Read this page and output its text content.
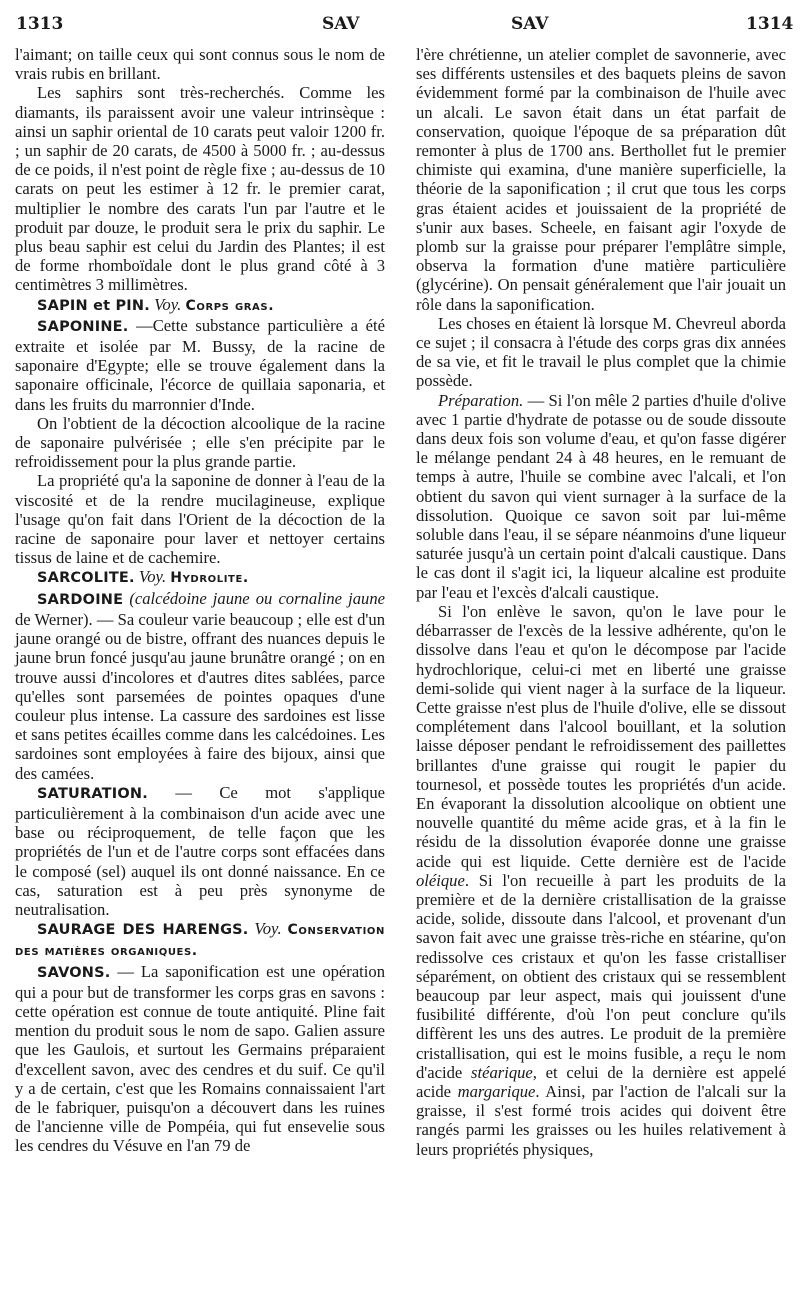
1313	SAV	SAV	1314

l'aimant; on taille ceux qui sont connus sous le nom de vrais rubis en brillant.

Les saphirs sont très-recherchés. Comme les diamants, ils paraissent avoir une valeur intrinsèque : ainsi un saphir oriental de 10 carats peut valoir 1200 fr. ; un saphir de 20 carats, de 4500 à 5000 fr. ; au-dessus de ce poids, il n'est point de règle fixe ; au-dessus de 10 carats on peut les estimer à 12 fr. le premier carat, multiplier le nombre des carats l'un par l'autre et le produit par douze, le produit sera le prix du saphir. Le plus beau saphir est celui du Jardin des Plantes; il est de forme rhomboïdale dont le plus grand côté à 3 centimètres 3 millimètres.

SAPIN et PIN. Voy. Corps gras.

SAPONINE. —Cette substance particulière a été extraite et isolée par M. Bussy, de la racine de saponaire d'Egypte; elle se trouve également dans la saponaire officinale, l'écorce de quillaia saponaria, et dans les fruits du marronnier d'Inde.

On l'obtient de la décoction alcoolique de la racine de saponaire pulvérisée ; elle s'en précipite par le refroidissement pour la plus grande partie.

La propriété qu'a la saponine de donner à l'eau de la viscosité et de la rendre mucilagineuse, explique l'usage qu'on fait dans l'Orient de la décoction de la racine de saponaire pour laver et nettoyer certains tissus de laine et de cachemire.

SARCOLITE. Voy. Hydrolite.

SARDOINE (calcédoine jaune ou cornaline jaune de Werner). — Sa couleur varie beaucoup ; elle est d'un jaune orangé ou de bistre, offrant des nuances depuis le jaune brun foncé jusqu'au jaune brunâtre orangé ; on en trouve aussi d'incolores et d'autres dites sablées, parce qu'elles sont parsemées de pointes opaques d'une couleur plus intense. La cassure des sardoines est lisse et sans petites écailles comme dans les calcédoines. Les sardoines sont employées à faire des bijoux, ainsi que des camées.

SATURATION. — Ce mot s'applique particulièrement à la combinaison d'un acide avec une base ou réciproquement, de telle façon que les propriétés de l'un et de l'autre corps sont effacées dans le composé (sel) auquel ils ont donné naissance. En ce cas, saturation est à peu près synonyme de neutralisation.

SAURAGE DES HARENGS. Voy. Conservation des matières organiques.

SAVONS. — La saponification est une opération qui a pour but de transformer les corps gras en savons : cette opération est connue de toute antiquité. Pline fait mention du produit sous le nom de sapo. Galien assure que les Gaulois, et surtout les Germains préparaient d'excellent savon, avec des cendres et du suif. Ce qu'il y a de certain, c'est que les Romains connaissaient l'art de le fabriquer, puisqu'on a découvert dans les ruines de l'ancienne ville de Pompéia, qui fut ensevelie sous les cendres du Vésuve en l'an 79 de

l'ère chrétienne, un atelier complet de savonnerie, avec ses différents ustensiles et des baquets pleins de savon évidemment formé par la combinaison de l'huile avec un alcali. Le savon était dans un état parfait de conservation, quoique l'époque de sa préparation dût remonter à plus de 1700 ans. Berthollet fut le premier chimiste qui examina, d'une manière superficielle, la théorie de la saponification ; il crut que tous les corps gras étaient acides et jouissaient de la propriété de s'unir aux bases. Scheele, en faisant agir l'oxyde de plomb sur la graisse pour préparer l'emplâtre simple, observa la formation d'une matière particulière (glycérine). On pensait généralement que l'air jouait un rôle dans la saponification.

Les choses en étaient là lorsque M. Chevreul aborda ce sujet ; il consacra à l'étude des corps gras dix années de sa vie, et fit le travail le plus complet que la chimie possède.

Préparation. — Si l'on mêle 2 parties d'huile d'olive avec 1 partie d'hydrate de potasse ou de soude dissoute dans deux fois son volume d'eau, et qu'on fasse digérer le mélange pendant 24 à 48 heures, en le remuant de temps à autre, l'huile se combine avec l'alcali, et l'on obtient du savon qui vient surnager à la surface de la dissolution. Quoique ce savon soit par lui-même soluble dans l'eau, il se sépare néanmoins d'une liqueur saturée jusqu'à un certain point d'alcali caustique. Dans le cas dont il s'agit ici, la liqueur alcaline est produite par l'eau et l'excès d'alcali caustique.

Si l'on enlève le savon, qu'on le lave pour le débarrasser de l'excès de la lessive adhérente, qu'on le dissolve dans l'eau et qu'on le décompose par l'acide hydrochlorique, celui-ci met en liberté une graisse demi-solide qui vient nager à la surface de la liqueur. Cette graisse n'est plus de l'huile d'olive, elle se dissout complétement dans l'alcool bouillant, et la solution laisse déposer pendant le refroidissement des paillettes brillantes d'une graisse qui rougit le papier du tournesol, et possède toutes les propriétés d'un acide. En évaporant la dissolution alcoolique on obtient une nouvelle quantité du même acide gras, et à la fin le résidu de la dissolution évaporée donne une graisse acide qui est liquide. Cette dernière est de l'acide oléique. Si l'on recueille à part les produits de la première et de la dernière cristallisation de la graisse acide, solide, dissoute dans l'alcool, et provenant d'un savon fait avec une graisse très-riche en stéarine, qu'on redissolve ces cristaux et qu'on les fasse cristalliser séparément, on obtient des cristaux qui se ressemblent beaucoup par leur aspect, mais qui jouissent d'une fusibilité différente, d'où l'on peut conclure qu'ils diffèrent les uns des autres. Le produit de la première cristallisation, qui est le moins fusible, a reçu le nom d'acide stéarique, et celui de la dernière est appelé acide margarique. Ainsi, par l'action de l'alcali sur la graisse, il s'est formé trois acides qui doivent être rangés parmi les graisses ou les huiles relativement à leurs propriétés physiques,
